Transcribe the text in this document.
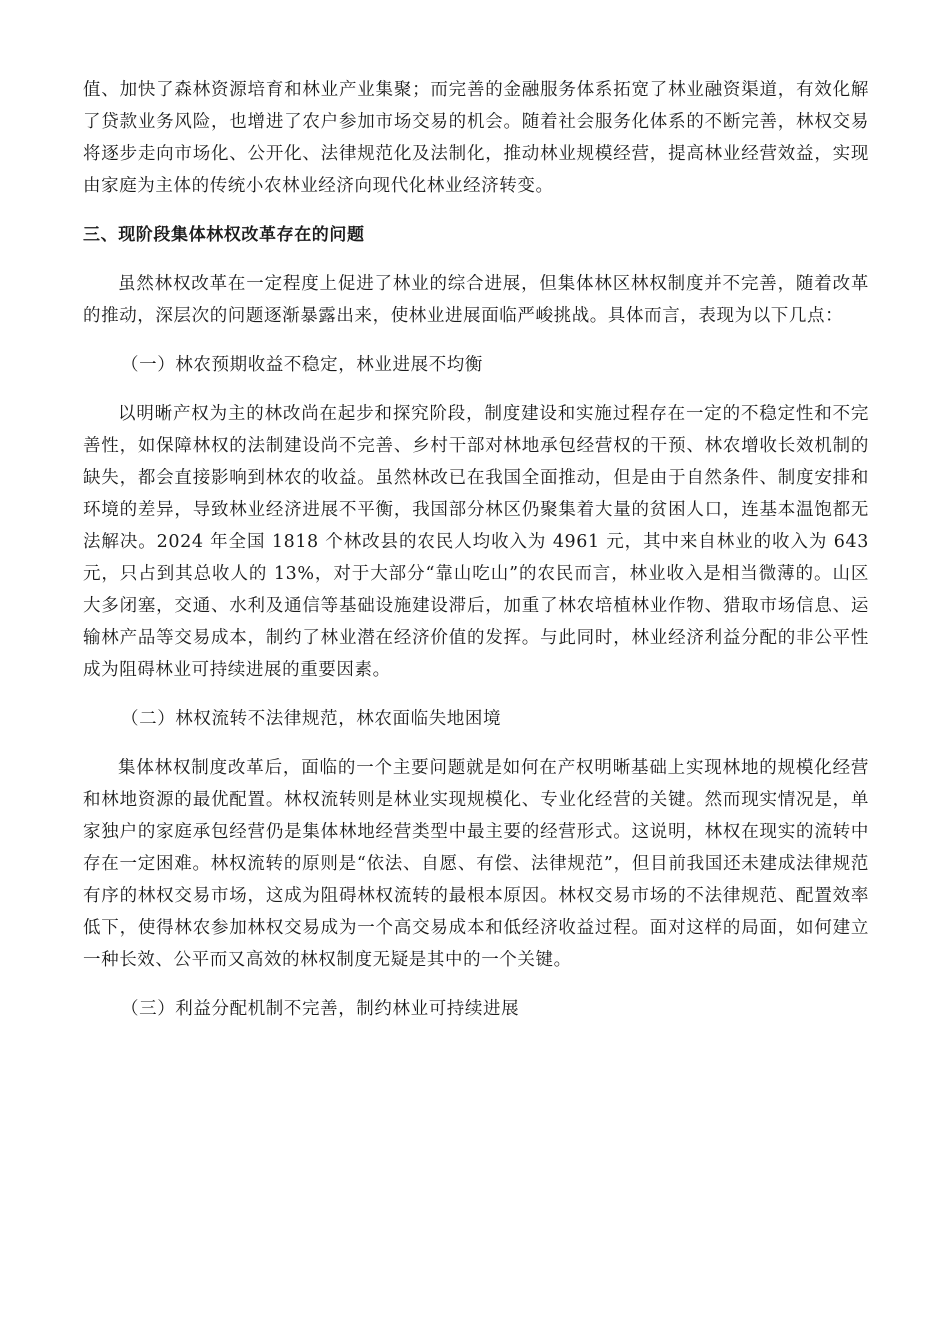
值、加快了森林资源培育和林业产业集聚；而完善的金融服务体系拓宽了林业融资渠道，有效化解了贷款业务风险，也增进了农户参加市场交易的机会。随着社会服务化体系的不断完善，林权交易将逐步走向市场化、公开化、法律规范化及法制化，推动林业规模经营，提高林业经营效益，实现由家庭为主体的传统小农林业经济向现代化林业经济转变。

三、现阶段集体林权改革存在的问题

虽然林权改革在一定程度上促进了林业的综合进展，但集体林区林权制度并不完善，随着改革的推动，深层次的问题逐渐暴露出来，使林业进展面临严峻挑战。具体而言，表现为以下几点：

（一）林农预期收益不稳定，林业进展不均衡

以明晰产权为主的林改尚在起步和探究阶段，制度建设和实施过程存在一定的不稳定性和不完善性，如保障林权的法制建设尚不完善、乡村干部对林地承包经营权的干预、林农增收长效机制的缺失，都会直接影响到林农的收益。虽然林改已在我国全面推动，但是由于自然条件、制度安排和环境的差异，导致林业经济进展不平衡，我国部分林区仍聚集着大量的贫困人口，连基本温饱都无法解决。2024 年全国 1818 个林改县的农民人均收入为 4961 元，其中来自林业的收入为 643 元，只占到其总收人的 13%，对于大部分“靠山吃山”的农民而言，林业收入是相当微薄的。山区大多闭塞，交通、水利及通信等基础设施建设滞后，加重了林农培植林业作物、猎取市场信息、运输林产品等交易成本，制约了林业潜在经济价值的发挥。与此同时，林业经济利益分配的非公平性成为阻碍林业可持续进展的重要因素。

（二）林权流转不法律规范，林农面临失地困境

集体林权制度改革后，面临的一个主要问题就是如何在产权明晰基础上实现林地的规模化经营和林地资源的最优配置。林权流转则是林业实现规模化、专业化经营的关键。然而现实情况是，单家独户的家庭承包经营仍是集体林地经营类型中最主要的经营形式。这说明，林权在现实的流转中存在一定困难。林权流转的原则是“依法、自愿、有偿、法律规范”，但目前我国还未建成法律规范有序的林权交易市场，这成为阻碍林权流转的最根本原因。林权交易市场的不法律规范、配置效率低下，使得林农参加林权交易成为一个高交易成本和低经济收益过程。面对这样的局面，如何建立一种长效、公平而又高效的林权制度无疑是其中的一个关键。

（三）利益分配机制不完善，制约林业可持续进展
